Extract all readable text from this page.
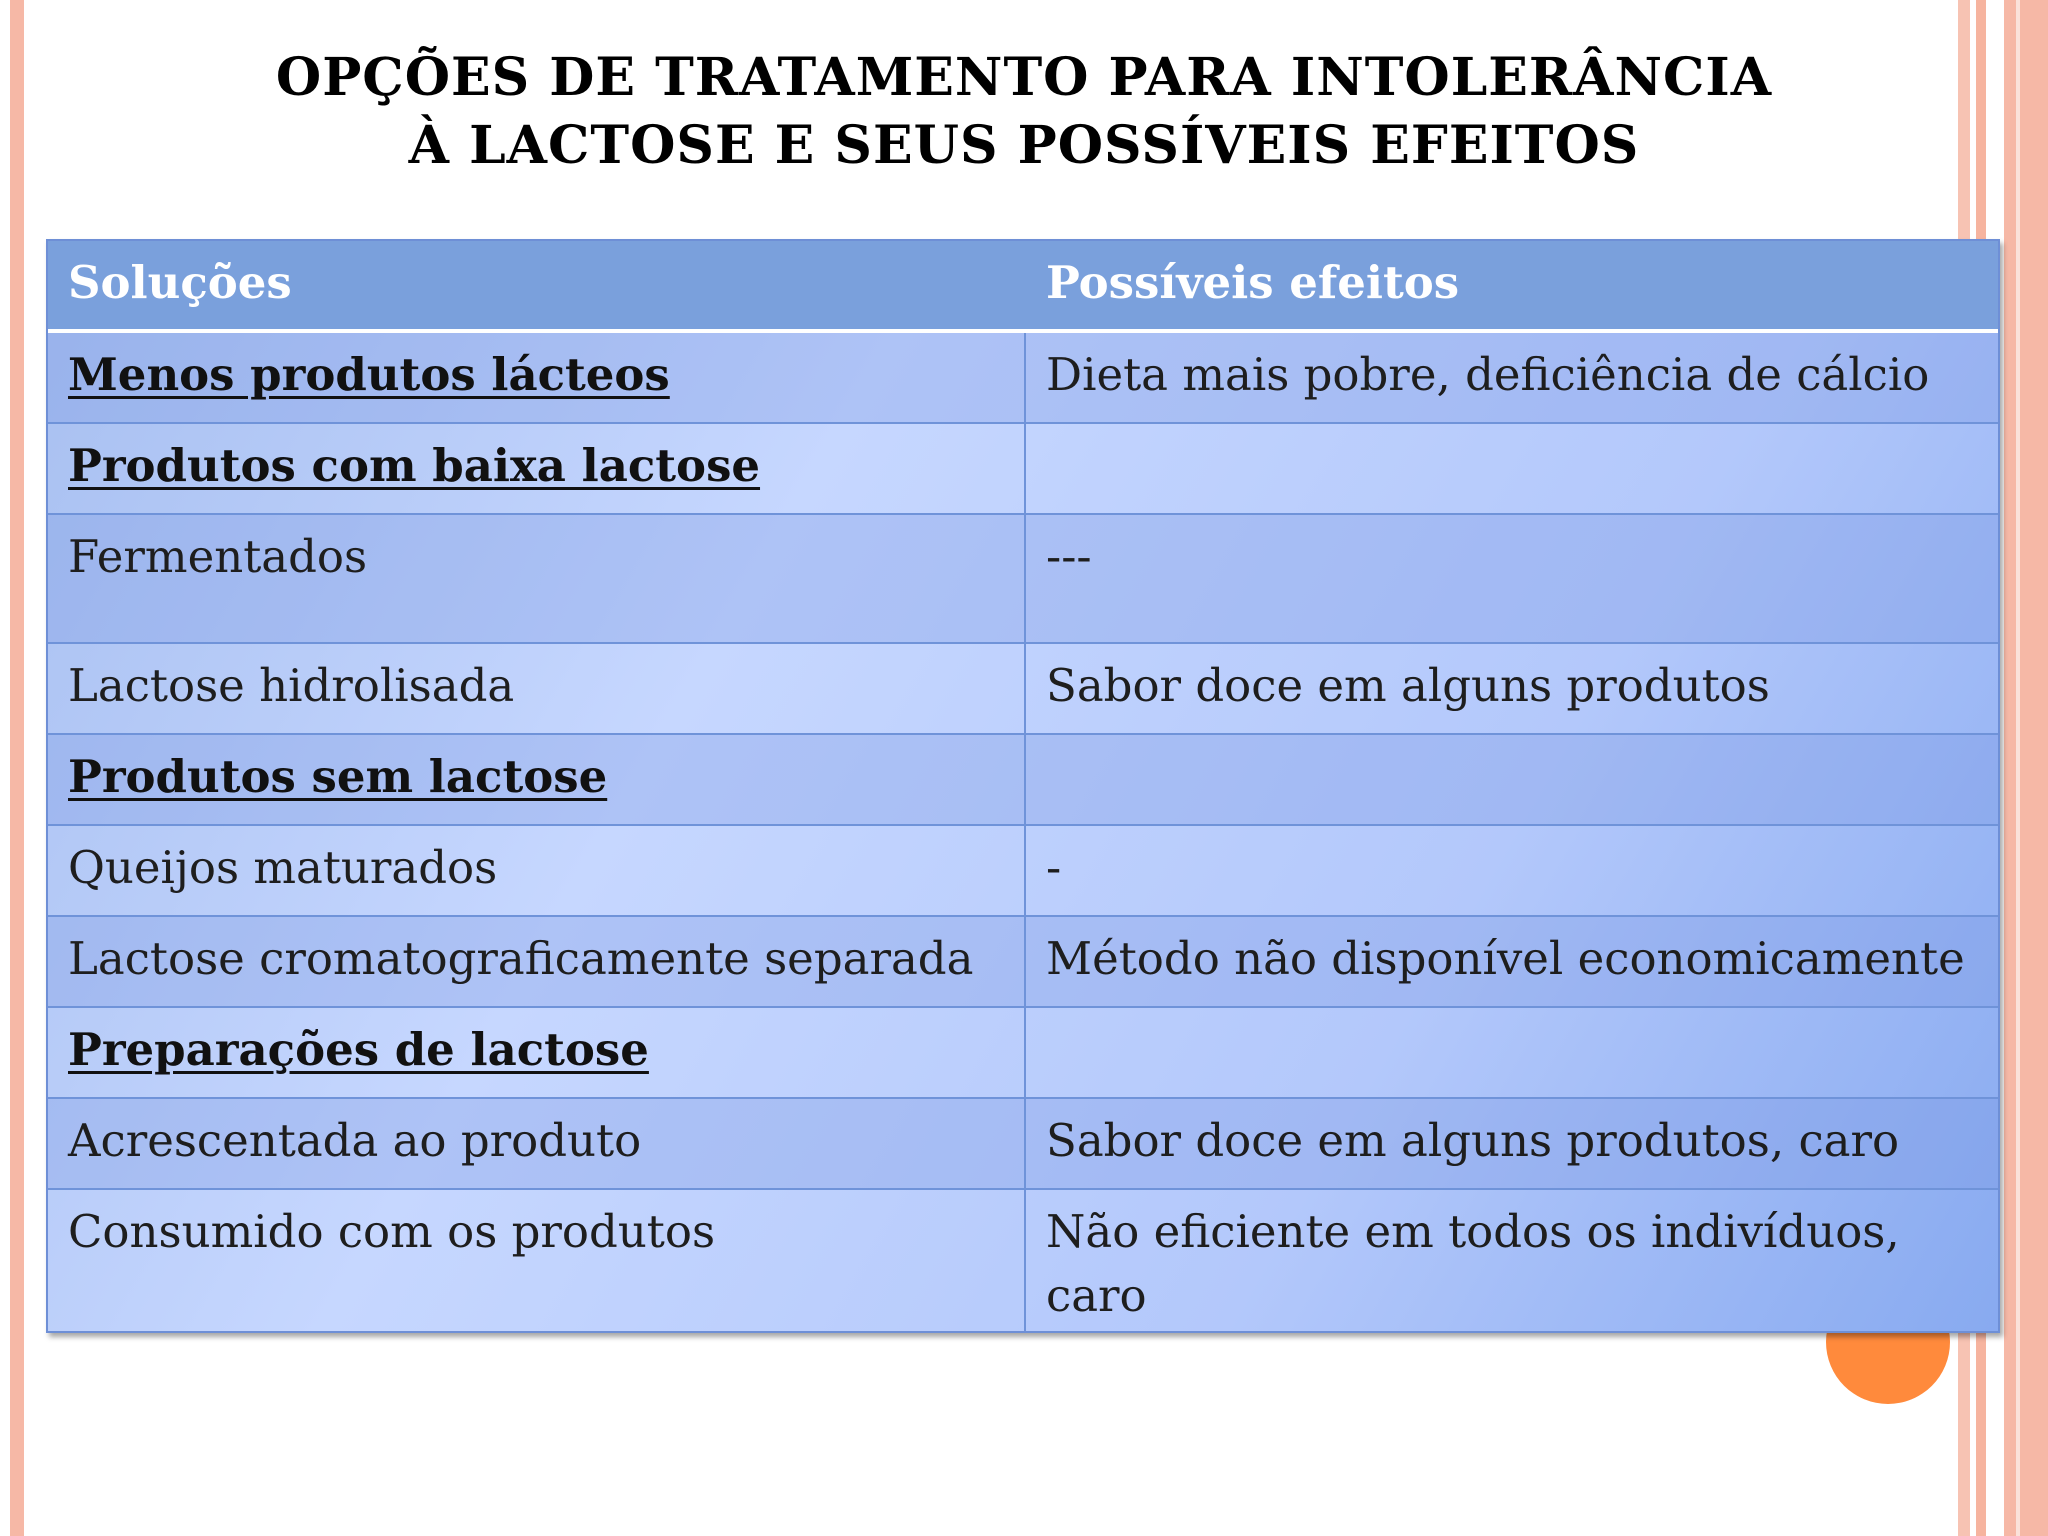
OPÇÕES DE TRATAMENTO PARA INTOLERÂNCIA
À LACTOSE E SEUS POSSÍVEIS EFEITOS
Soluções	Possíveis efeitos
Menos produtos lácteos	Dieta mais pobre, deficiência de cálcio
Produtos com baixa lactose
Fermentados	---
Lactose hidrolisada	Sabor doce em alguns produtos
Produtos sem lactose
Queijos maturados	-
Lactose cromatograficamente separada	Método não disponível economicamente
Preparações de lactose
Acrescentada ao produto	Sabor doce em alguns produtos, caro
Consumido com os produtos	Não eficiente em todos os indivíduos, caro
